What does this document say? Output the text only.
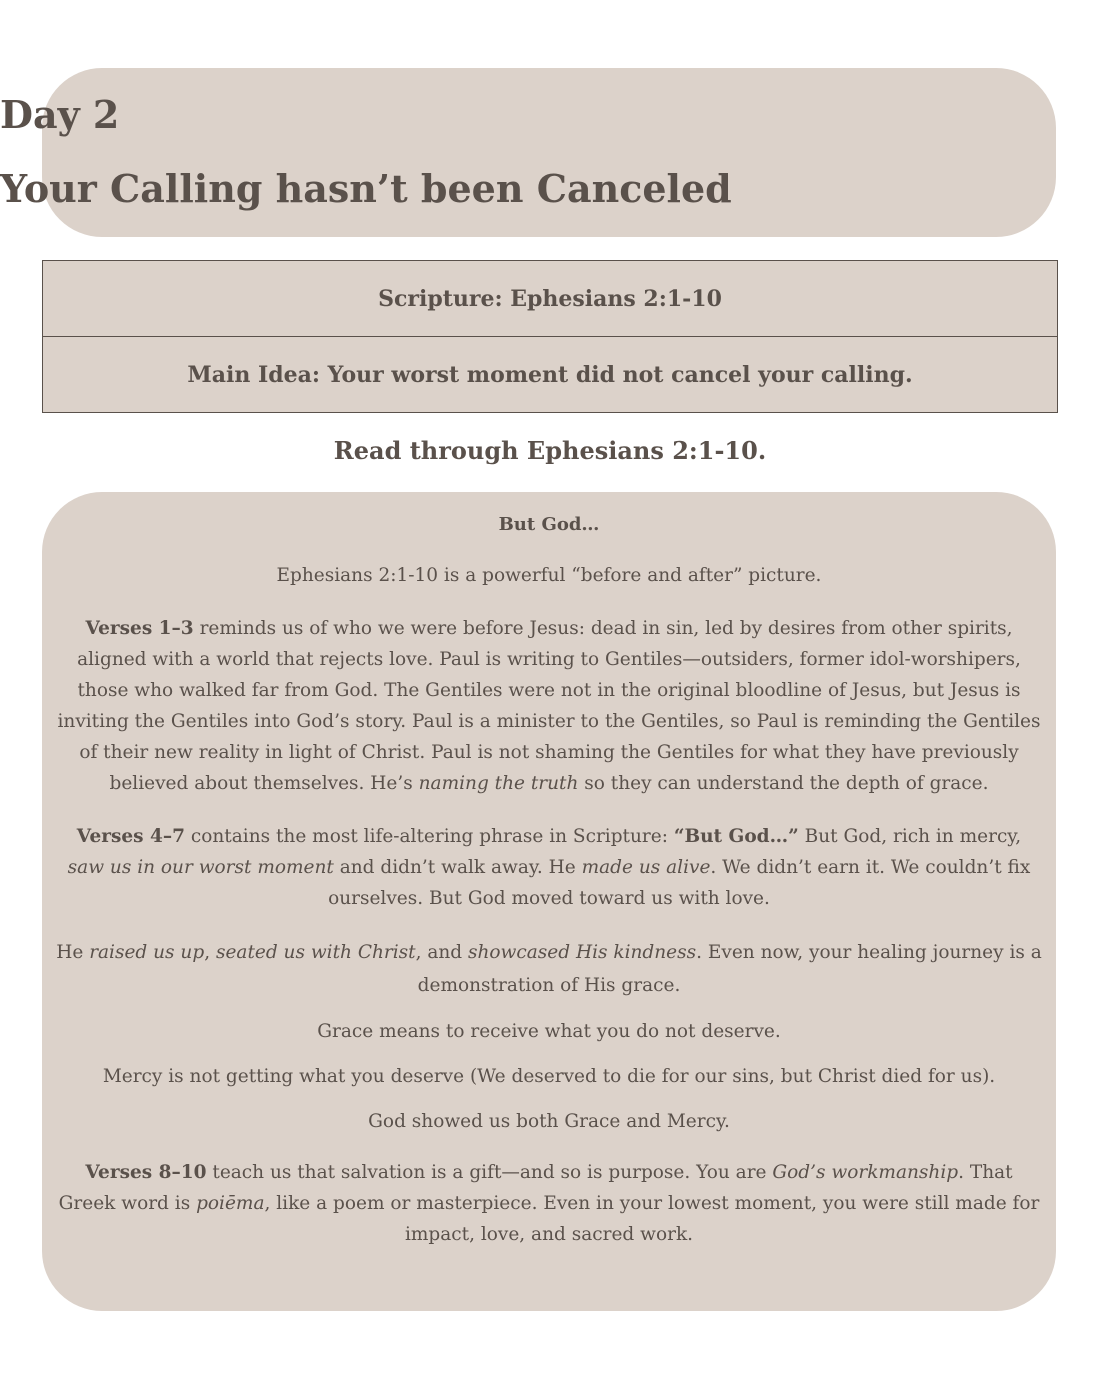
Day 2
Your Calling hasn’t been Canceled
Scripture: Ephesians 2:1-10
Main Idea: Your worst moment did not cancel your calling.

Read through Ephesians 2:1-10.

But God…

Ephesians 2:1-10 is a powerful “before and after” picture.

Verses 1–3 reminds us of who we were before Jesus: dead in sin, led by desires from other spirits, aligned with a world that rejects love. Paul is writing to Gentiles—outsiders, former idol-worshipers, those who walked far from God. The Gentiles were not in the original bloodline of Jesus, but Jesus is inviting the Gentiles into God’s story. Paul is a minister to the Gentiles, so Paul is reminding the Gentiles of their new reality in light of Christ. Paul is not shaming the Gentiles for what they have previously believed about themselves. He’s naming the truth so they can understand the depth of grace.

Verses 4–7 contains the most life-altering phrase in Scripture: “But God…” But God, rich in mercy, saw us in our worst moment and didn’t walk away. He made us alive. We didn’t earn it. We couldn’t fix ourselves. But God moved toward us with love.

He raised us up, seated us with Christ, and showcased His kindness. Even now, your healing journey is a demonstration of His grace.

Grace means to receive what you do not deserve.

Mercy is not getting what you deserve (We deserved to die for our sins, but Christ died for us).

God showed us both Grace and Mercy.

Verses 8–10 teach us that salvation is a gift—and so is purpose. You are God’s workmanship. That Greek word is poiēma, like a poem or masterpiece. Even in your lowest moment, you were still made for impact, love, and sacred work.
